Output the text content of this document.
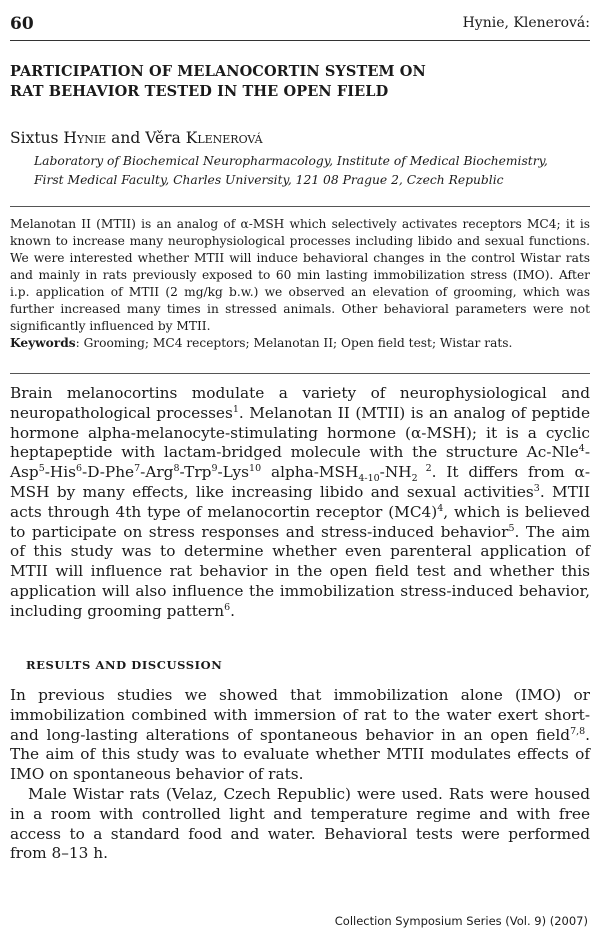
60	Hynie, Klenerová:
PARTICIPATION OF MELANOCORTIN SYSTEM ON
RAT BEHAVIOR TESTED IN THE OPEN FIELD
Sixtus Hynie and Věra Klenerová
Laboratory of Biochemical Neuropharmacology, Institute of Medical Biochemistry,
First Medical Faculty, Charles University, 121 08 Prague 2, Czech Republic

Melanotan II (MTII) is an analog of α-MSH which selectively activates receptors MC4; it is known to increase many neurophysiological processes including libido and sexual functions. We were interested whether MTII will induce behavioral changes in the control Wistar rats and mainly in rats previously exposed to 60 min lasting immobilization stress (IMO). After i.p. application of MTII (2 mg/kg b.w.) we observed an elevation of grooming, which was further increased many times in stressed animals. Other behavioral parameters were not significantly influenced by MTII.

Keywords: Grooming; MC4 receptors; Melanotan II; Open field test; Wistar rats.

Brain melanocortins modulate a variety of neurophysiological and neuropathological processes$^1$. Melanotan II (MTII) is an analog of peptide hormone alpha-melanocyte-stimulating hormone (α-MSH); it is a cyclic heptapeptide with lactam-bridged molecule with the structure Ac-Nle$^4$-Asp$^5$-His$^6$-D-Phe$^7$-Arg$^8$-Trp$^9$-Lys$^{10}$ alpha-$MSH_{4-10}-NH_2$ $^2$. It differs from α-MSH by many effects, like increasing libido and sexual activities$^3$. MTII acts through 4th type of melanocortin receptor $(MC4)^4$, which is believed to participate on stress responses and stress-induced behavior$^5$. The aim of this study was to determine whether even parenteral application of MTII will influence rat behavior in the open field test and whether this application will also influence the immobilization stress-induced behavior, including grooming pattern$^6$.

RESULTS AND DISCUSSION

In previous studies we showed that immobilization alone (IMO) or immobilization combined with immersion of rat to the water exert short- and long-lasting alterations of spontaneous behavior in an open field$^{7,8}$. The aim of this study was to evaluate whether MTII modulates effects of IMO on spontaneous behavior of rats.

Male Wistar rats (Velaz, Czech Republic) were used. Rats were housed in a room with controlled light and temperature regime and with free access to a standard food and water. Behavioral tests were performed from 8–13 h.

Collection Symposium Series (Vol. 9) (2007)
